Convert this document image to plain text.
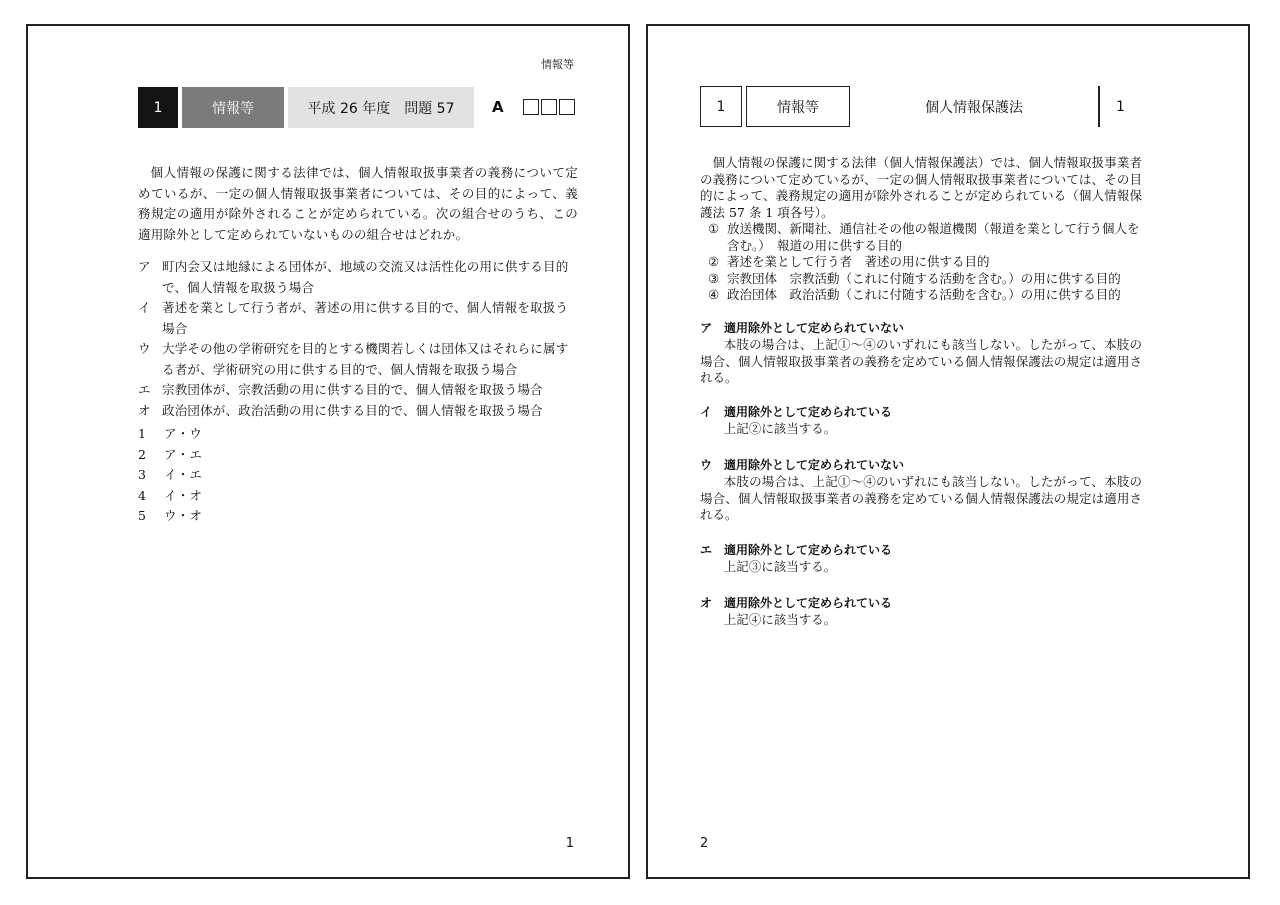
情報等
1	情報等	平成 26 年度　問題 57	A
個人情報の保護に関する法律では、個人情報取扱事業者の義務について定めているが、一定の個人情報取扱事業者については、その目的によって、義務規定の適用が除外されることが定められている。次の組合せのうち、この適用除外として定められていないものの組合せはどれか。
ア 町内会又は地縁による団体が、地域の交流又は活性化の用に供する目的で、個人情報を取扱う場合
イ 著述を業として行う者が、著述の用に供する目的で、個人情報を取扱う場合
ウ 大学その他の学術研究を目的とする機関若しくは団体又はそれらに属する者が、学術研究の用に供する目的で、個人情報を取扱う場合
エ 宗教団体が、宗教活動の用に供する目的で、個人情報を取扱う場合
オ 政治団体が、政治活動の用に供する目的で、個人情報を取扱う場合
1	ア・ウ
2	ア・エ
3	イ・エ
4	イ・オ
5	ウ・オ
1
1	情報等	個人情報保護法	1
個人情報の保護に関する法律（個人情報保護法）では、個人情報取扱事業者の義務について定めているが、一定の個人情報取扱事業者については、その目的によって、義務規定の適用が除外されることが定められている（個人情報保護法 57 条 1 項各号）。
① 放送機関、新聞社、通信社その他の報道機関（報道を業として行う個人を含む。）　報道の用に供する目的
② 著述を業として行う者　著述の用に供する目的
③ 宗教団体　宗教活動（これに付随する活動を含む。）の用に供する目的
④ 政治団体　政治活動（これに付随する活動を含む。）の用に供する目的
ア 適用除外として定められていない
本肢の場合は、上記①～④のいずれにも該当しない。したがって、本肢の場合、個人情報取扱事業者の義務を定めている個人情報保護法の規定は適用される。
イ 適用除外として定められている
上記②に該当する。
ウ 適用除外として定められていない
本肢の場合は、上記①～④のいずれにも該当しない。したがって、本肢の場合、個人情報取扱事業者の義務を定めている個人情報保護法の規定は適用される。
エ 適用除外として定められている
上記③に該当する。
オ 適用除外として定められている
上記④に該当する。
2
